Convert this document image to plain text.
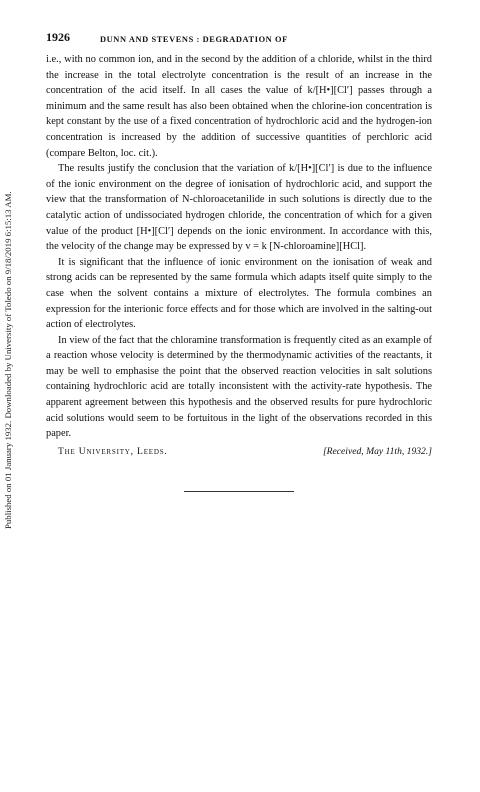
Published on 01 January 1932. Downloaded by University of Toledo on 9/18/2019 6:15:13 AM.
1926	DUNN AND STEVENS : DEGRADATION OF

i.e., with no common ion, and in the second by the addition of a chloride, whilst in the third the increase in the total electrolyte concentration is the result of an increase in the concentration of the acid itself. In all cases the value of k/[H•][Cl′] passes through a minimum and the same result has also been obtained when the chlorine-ion concentration is kept constant by the use of a fixed concentration of hydrochloric acid and the hydrogen-ion concentration is increased by the addition of successive quantities of perchloric acid (compare Belton, loc. cit.).

The results justify the conclusion that the variation of k/[H•][Cl′] is due to the influence of the ionic environment on the degree of ionisation of hydrochloric acid, and support the view that the transformation of N-chloroacetanilide in such solutions is directly due to the catalytic action of undissociated hydrogen chloride, the concentration of which for a given value of the product [H•][Cl′] depends on the ionic environment. In accordance with this, the velocity of the change may be expressed by v = k [N-chloroamine][HCl].

It is significant that the influence of ionic environment on the ionisation of weak and strong acids can be represented by the same formula which adapts itself quite simply to the case when the solvent contains a mixture of electrolytes. The formula combines an expression for the interionic force effects and for those which are involved in the salting-out action of electrolytes.

In view of the fact that the chloramine transformation is frequently cited as an example of a reaction whose velocity is determined by the thermodynamic activities of the reactants, it may be well to emphasise the point that the observed reaction velocities in salt solutions containing hydrochloric acid are totally inconsistent with the activity-rate hypothesis. The apparent agreement between this hypothesis and the observed results for pure hydrochloric acid solutions would seem to be fortuitous in the light of the observations recorded in this paper.

The University, Leeds.	[Received, May 11th, 1932.]
